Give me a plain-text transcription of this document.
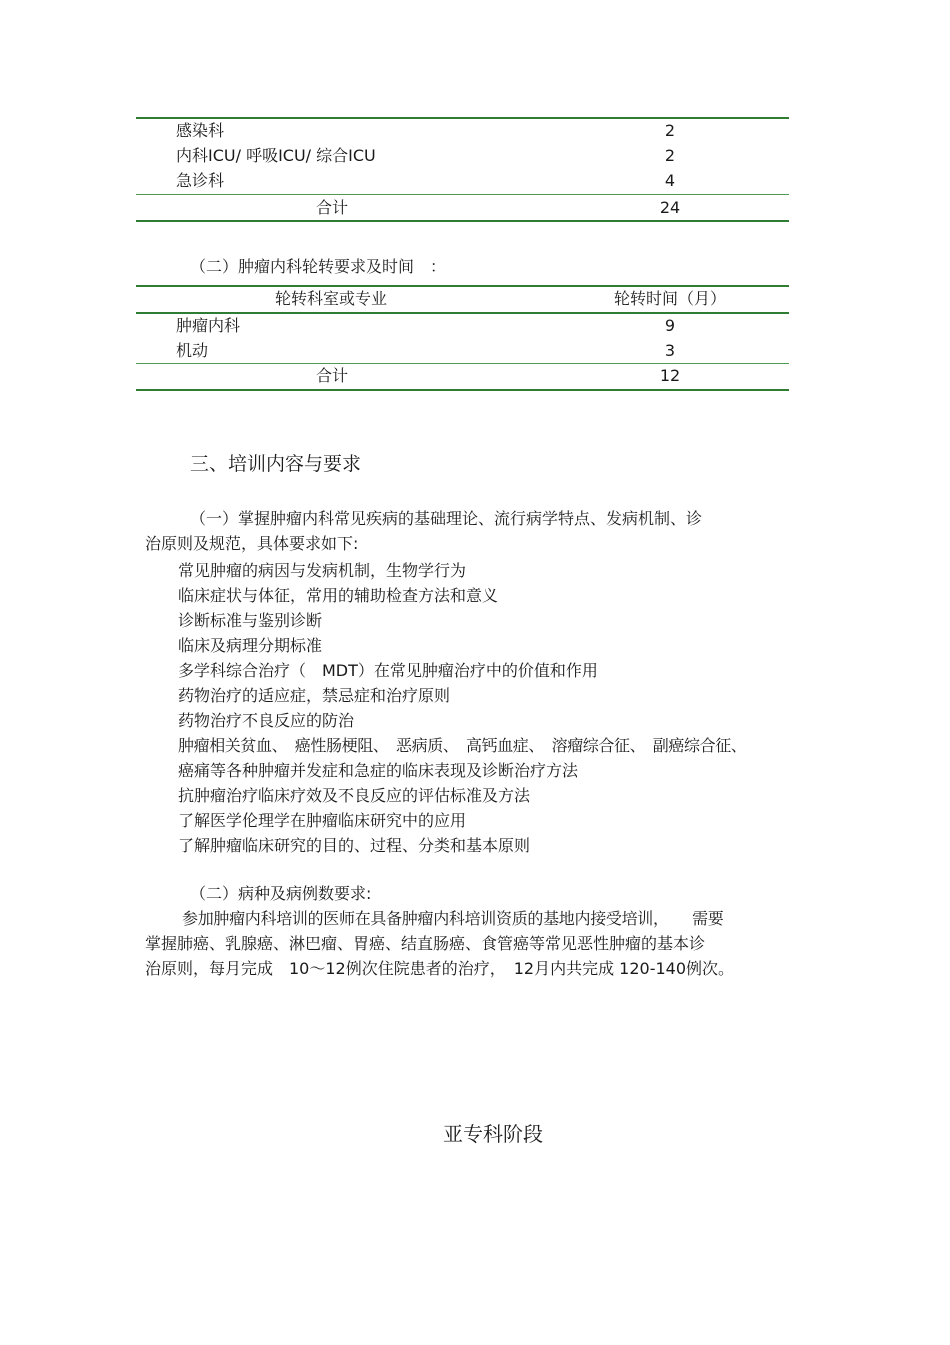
感染科	2
内科ICU/ 呼吸ICU/ 综合ICU	2
急诊科	4
合计	24
（二）肿瘤内科轮转要求及时间　：
轮转科室或专业	轮转时间（月）
肿瘤内科	9
机动	3
合计	12
三、培训内容与要求
（一）掌握肿瘤内科常见疾病的基础理论、流行病学特点、发病机制、诊
治原则及规范，具体要求如下:
常见肿瘤的病因与发病机制，生物学行为
临床症状与体征，常用的辅助检查方法和意义
诊断标准与鉴别诊断
临床及病理分期标准
多学科综合治疗（　MDT）在常见肿瘤治疗中的价值和作用
药物治疗的适应症，禁忌症和治疗原则
药物治疗不良反应的防治
肿瘤相关贫血、　癌性肠梗阻、　恶病质、　高钙血症、　溶瘤综合征、　副癌综合征、
癌痛等各种肿瘤并发症和急症的临床表现及诊断治疗方法
抗肿瘤治疗临床疗效及不良反应的评估标准及方法
了解医学伦理学在肿瘤临床研究中的应用
了解肿瘤临床研究的目的、过程、分类和基本原则
（二）病种及病例数要求:
参加肿瘤内科培训的医师在具备肿瘤内科培训资质的基地内接受培训，　　需要
掌握肺癌、乳腺癌、淋巴瘤、胃癌、结直肠癌、食管癌等常见恶性肿瘤的基本诊
治原则，每月完成　10～12例次住院患者的治疗，　12月内共完成 120-140例次。
亚专科阶段
